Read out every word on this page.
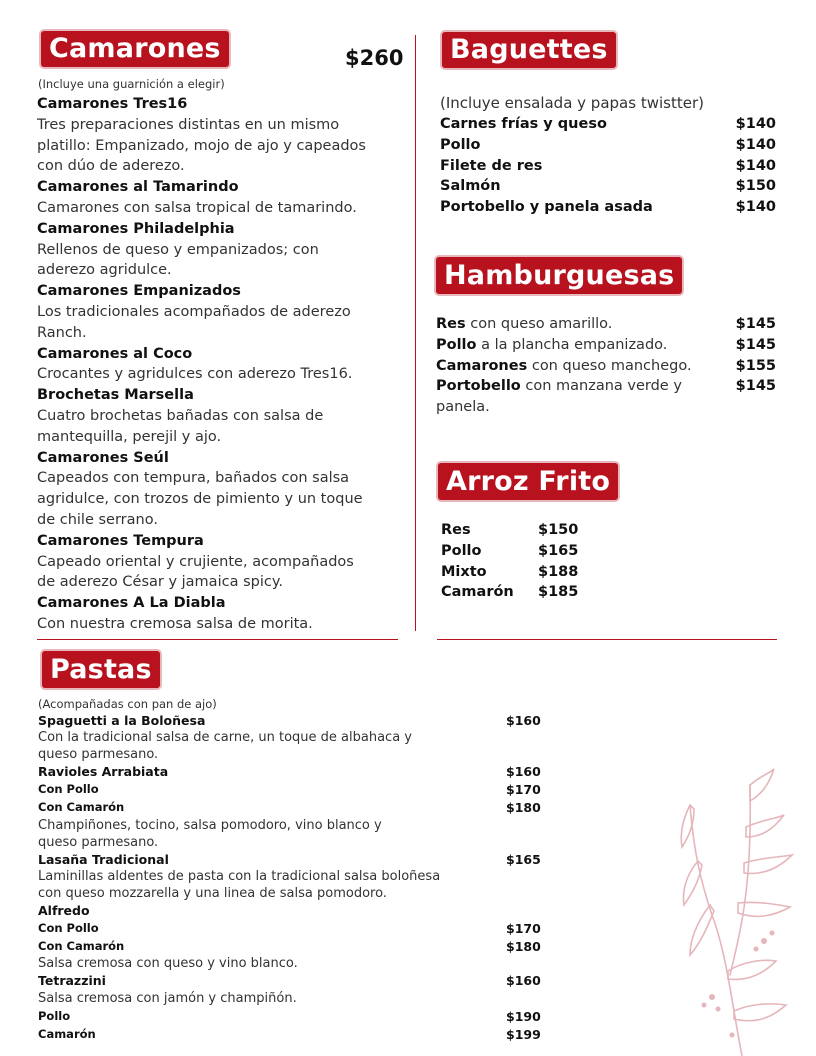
Camarones	$260
(Incluye una guarnición a elegir)
Camarones Tres16
Tres preparaciones distintas en un mismo
platillo: Empanizado, mojo de ajo y capeados
con dúo de aderezo.
Camarones al Tamarindo
Camarones con salsa tropical de tamarindo.
Camarones Philadelphia
Rellenos de queso y empanizados; con
aderezo agridulce.
Camarones Empanizados
Los tradicionales acompañados de aderezo
Ranch.
Camarones al Coco
Crocantes y agridulces con aderezo Tres16.
Brochetas Marsella
Cuatro brochetas bañadas con salsa de
mantequilla, perejil y ajo.
Camarones Seúl
Capeados con tempura, bañados con salsa
agridulce, con trozos de pimiento y un toque
de chile serrano.
Camarones Tempura
Capeado oriental y crujiente, acompañados
de aderezo César y jamaica spicy.
Camarones A La Diabla
Con nuestra cremosa salsa de morita.
Baguettes
(Incluye ensalada y papas twistter)
Carnes frías y queso	$140
Pollo	$140
Filete de res	$140
Salmón	$150
Portobello y panela asada	$140
Hamburguesas
Res con queso amarillo.	$145
Pollo a la plancha empanizado.	$145
Camarones con queso manchego.	$155
Portobello con manzana verde y	$145
panela.
Arroz Frito
Res	$150
Pollo	$165
Mixto	$188
Camarón $185
Pastas
(Acompañadas con pan de ajo)
Spaguetti a la Boloñesa	$160
Con la tradicional salsa de carne, un toque de albahaca y
queso parmesano.
Ravioles Arrabiata	$160
Con Pollo	$170
Con Camarón	$180
Champiñones, tocino, salsa pomodoro, vino blanco y
queso parmesano.
Lasaña Tradicional	$165
Laminillas aldentes de pasta con la tradicional salsa boloñesa
con queso mozzarella y una linea de salsa pomodoro.
Alfredo
Con Pollo	$170
Con Camarón	$180
Salsa cremosa con queso y vino blanco.
Tetrazzini	$160
Salsa cremosa con jamón y champiñón.
Pollo	$190
Camarón	$199
